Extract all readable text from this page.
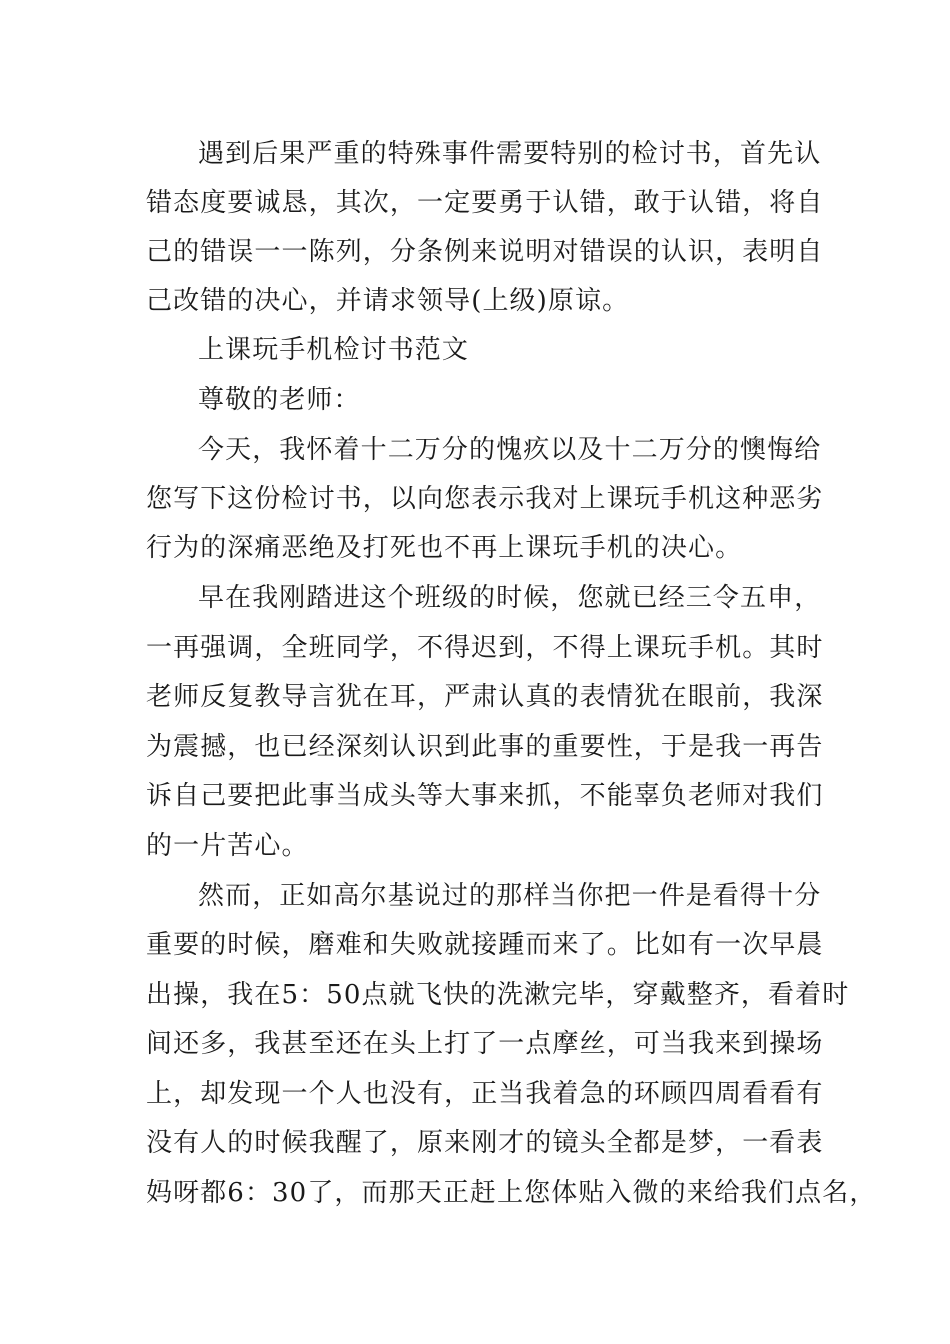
遇到后果严重的特殊事件需要特别的检讨书，首先认
错态度要诚恳，其次，一定要勇于认错，敢于认错，将自
己的错误一一陈列，分条例来说明对错误的认识，表明自
己改错的决心，并请求领导(上级)原谅。
上课玩手机检讨书范文
尊敬的老师：
今天，我怀着十二万分的愧疚以及十二万分的懊悔给
您写下这份检讨书，以向您表示我对上课玩手机这种恶劣
行为的深痛恶绝及打死也不再上课玩手机的决心。
早在我刚踏进这个班级的时候，您就已经三令五申，
一再强调，全班同学，不得迟到，不得上课玩手机。其时
老师反复教导言犹在耳，严肃认真的表情犹在眼前，我深
为震撼，也已经深刻认识到此事的重要性，于是我一再告
诉自己要把此事当成头等大事来抓，不能辜负老师对我们
的一片苦心。
然而，正如高尔基说过的那样当你把一件是看得十分
重要的时候，磨难和失败就接踵而来了。比如有一次早晨
出操，我在5：50点就飞快的洗漱完毕，穿戴整齐，看着时
间还多，我甚至还在头上打了一点摩丝，可当我来到操场
上，却发现一个人也没有，正当我着急的环顾四周看看有
没有人的时候我醒了，原来刚才的镜头全都是梦，一看表
妈呀都6：30了，而那天正赶上您体贴入微的来给我们点名，
